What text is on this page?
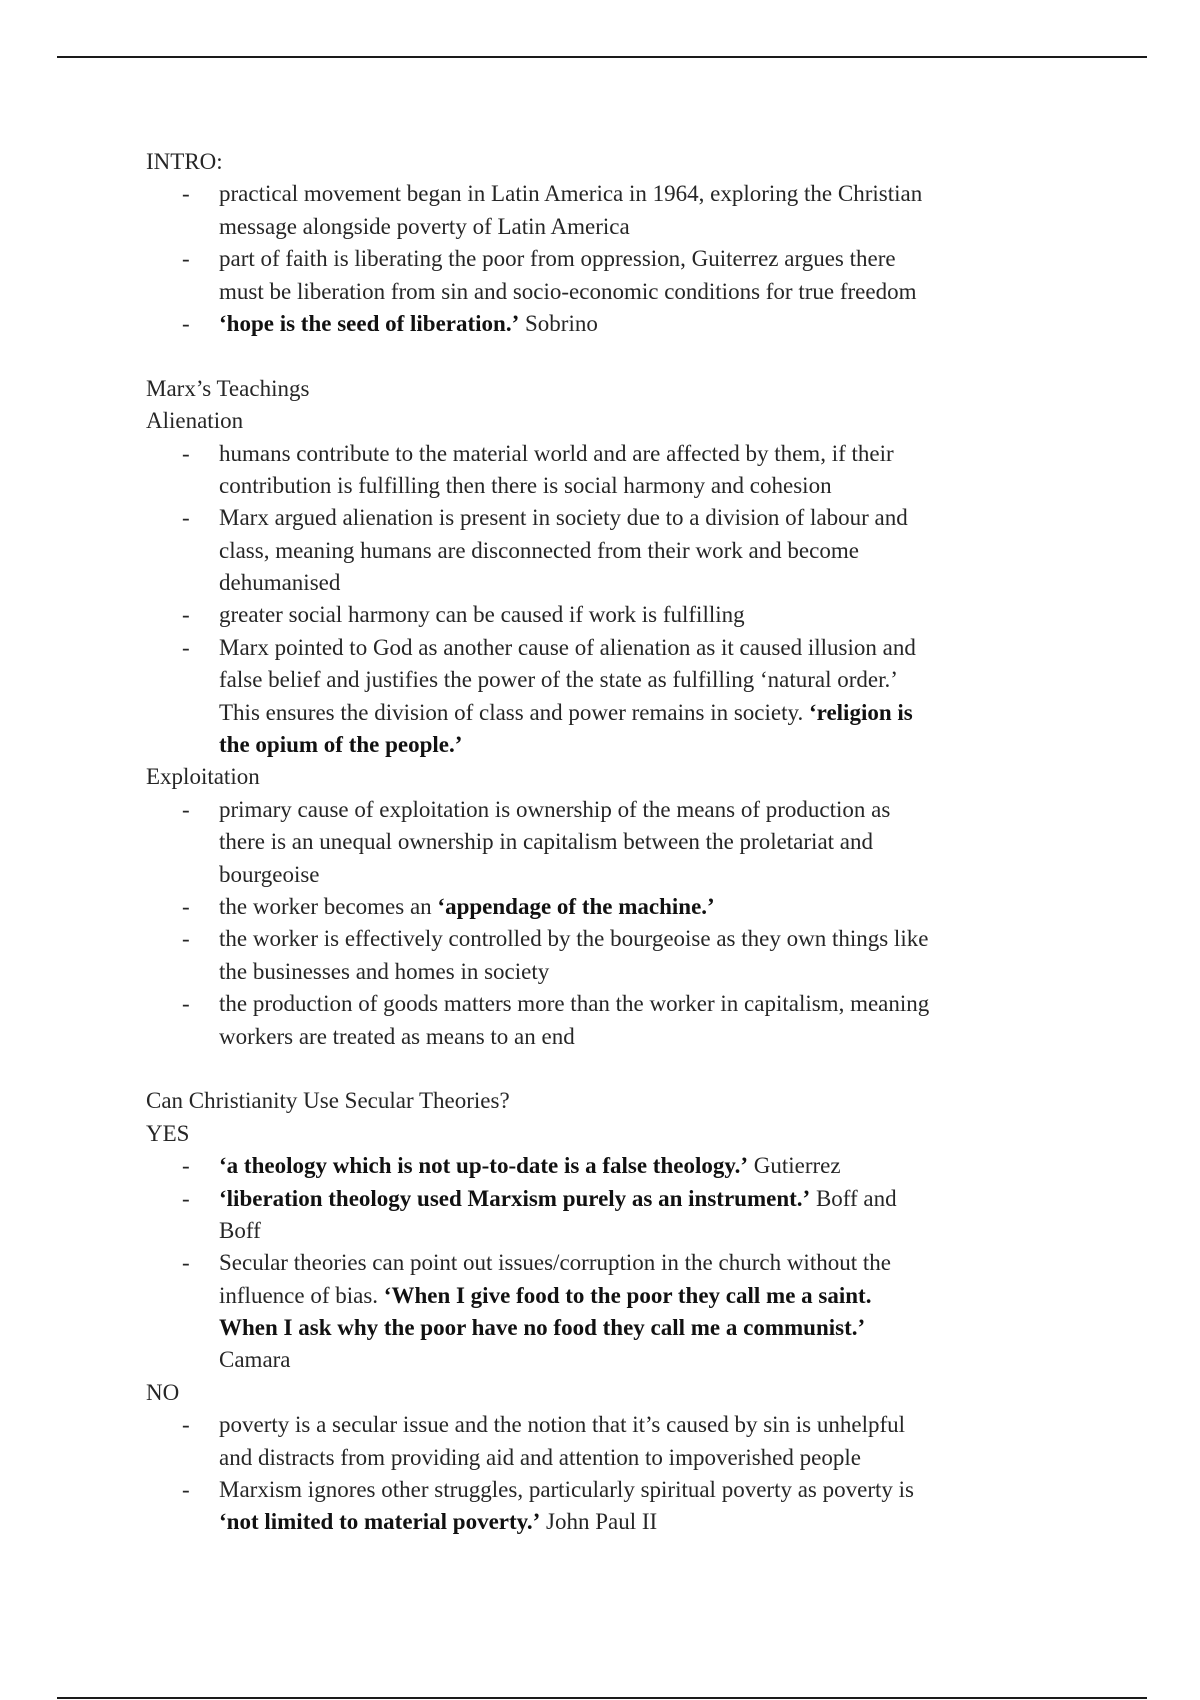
INTRO:
- practical movement began in Latin America in 1964, exploring the Christian
message alongside poverty of Latin America
- part of faith is liberating the poor from oppression, Guiterrez argues there
must be liberation from sin and socio-economic conditions for true freedom
- ‘hope is the seed of liberation.’ Sobrino
Marx’s Teachings
Alienation
- humans contribute to the material world and are affected by them, if their
contribution is fulfilling then there is social harmony and cohesion
- Marx argued alienation is present in society due to a division of labour and
class, meaning humans are disconnected from their work and become
dehumanised
- greater social harmony can be caused if work is fulfilling
- Marx pointed to God as another cause of alienation as it caused illusion and
false belief and justifies the power of the state as fulfilling ‘natural order.’
This ensures the division of class and power remains in society. ‘religion is
the opium of the people.’
Exploitation
- primary cause of exploitation is ownership of the means of production as
there is an unequal ownership in capitalism between the proletariat and
bourgeoise
- the worker becomes an ‘appendage of the machine.’
- the worker is effectively controlled by the bourgeoise as they own things like
the businesses and homes in society
- the production of goods matters more than the worker in capitalism, meaning
workers are treated as means to an end
Can Christianity Use Secular Theories?
YES
- ‘a theology which is not up-to-date is a false theology.’ Gutierrez
- ‘liberation theology used Marxism purely as an instrument.’ Boff and
Boff
- Secular theories can point out issues/corruption in the church without the
influence of bias. ‘When I give food to the poor they call me a saint.
When I ask why the poor have no food they call me a communist.’
Camara
NO
- poverty is a secular issue and the notion that it’s caused by sin is unhelpful
and distracts from providing aid and attention to impoverished people
- Marxism ignores other struggles, particularly spiritual poverty as poverty is
‘not limited to material poverty.’ John Paul II
